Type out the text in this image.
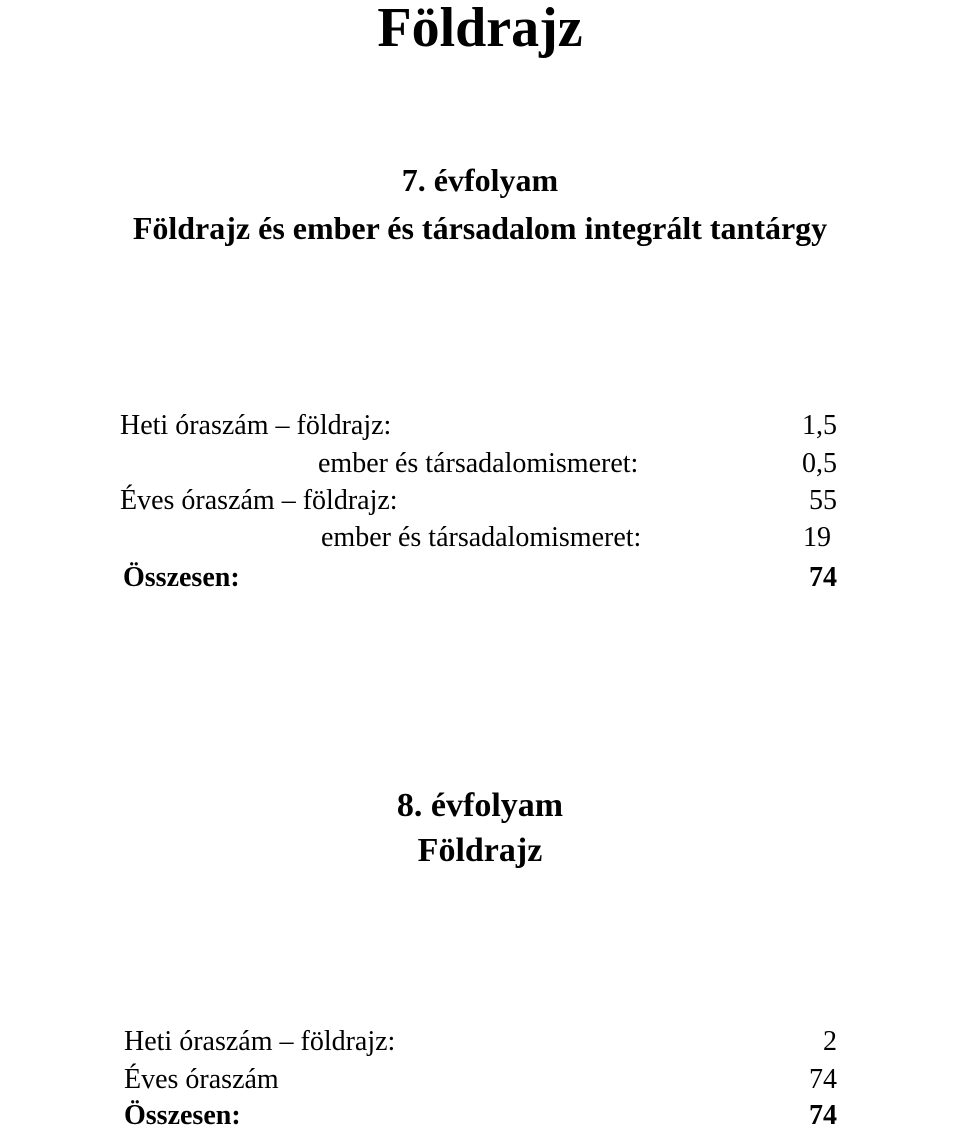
Földrajz
7. évfolyam
Földrajz és ember és társadalom integrált tantárgy
Heti óraszám – földrajz:	1,5
ember és társadalomismeret:	0,5
Éves óraszám – földrajz:	55
ember és társadalomismeret:	19
Összesen:	74
8. évfolyam
Földrajz
Heti óraszám – földrajz:	2
Éves óraszám	74
Összesen:	74
